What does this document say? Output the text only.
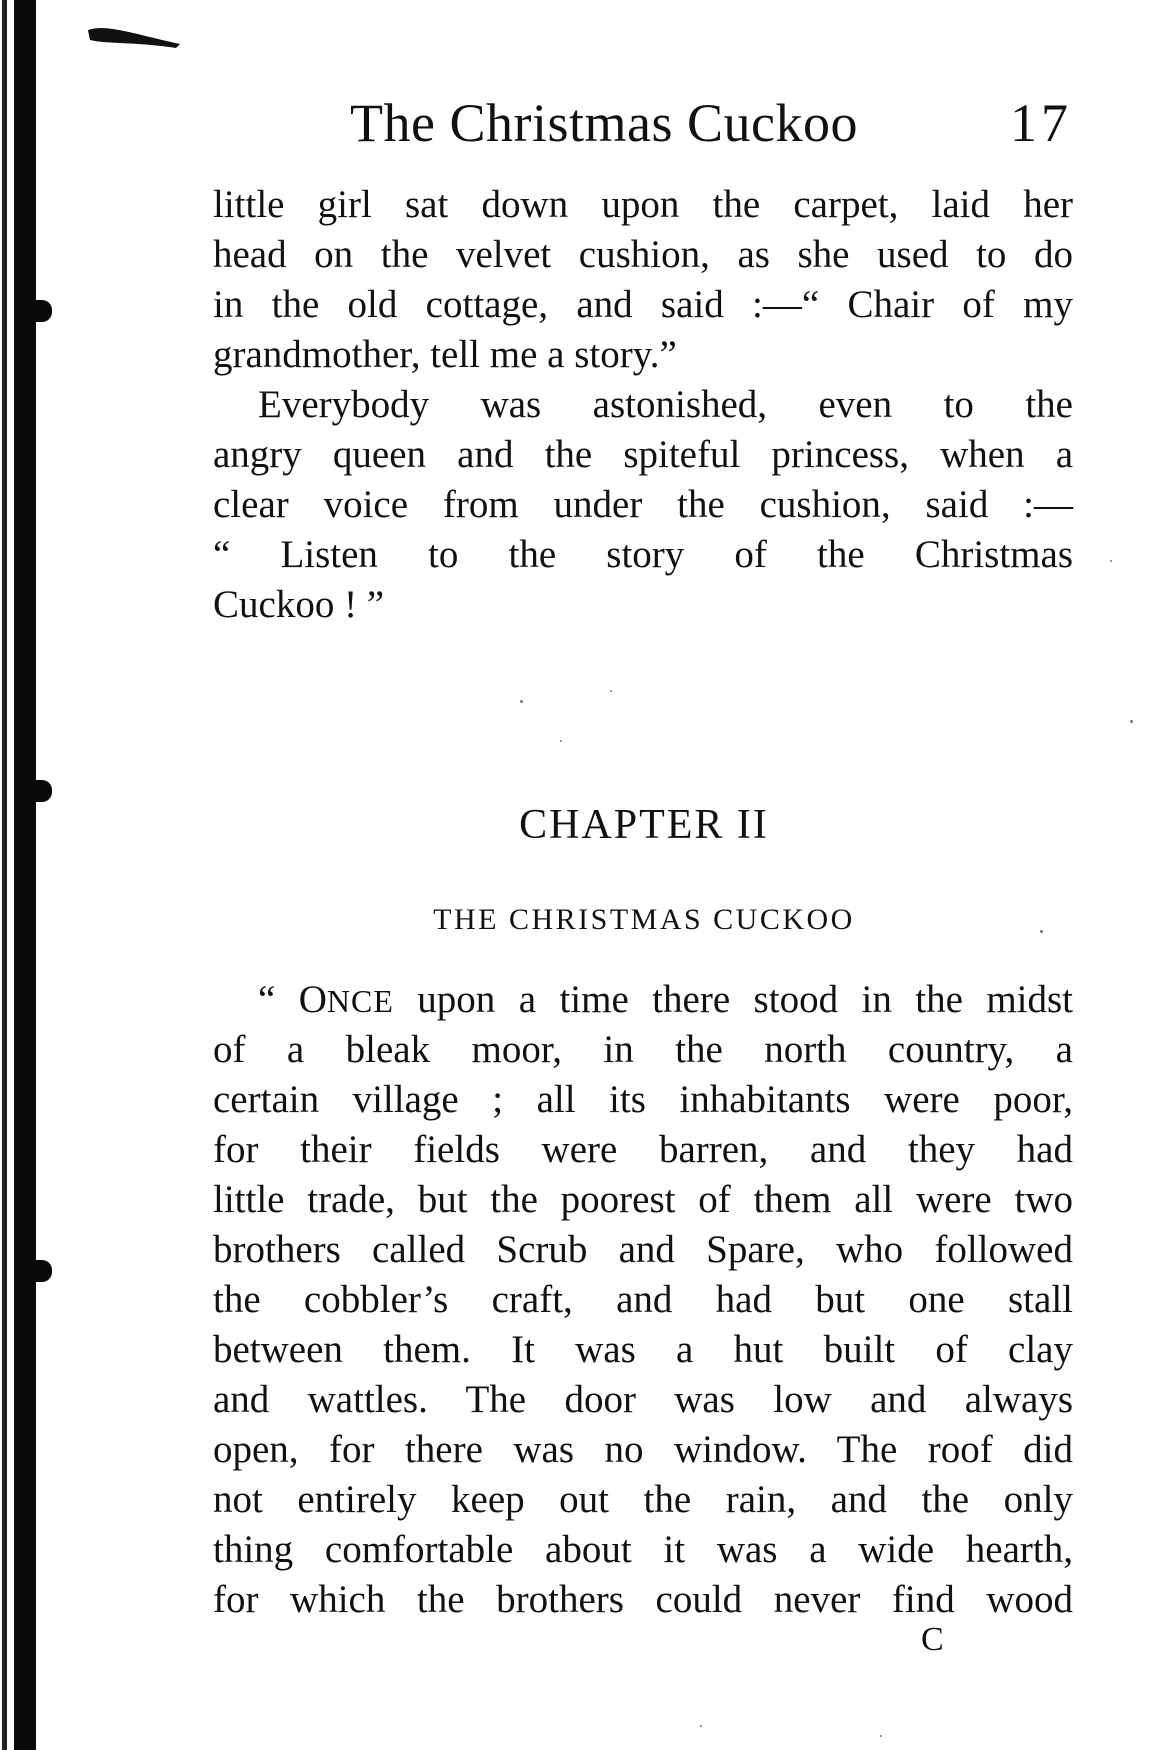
The Christmas Cuckoo	17
little girl sat down upon the carpet, laid her
head on the velvet cushion, as she used to do
in the old cottage, and said :—“ Chair of my
grandmother, tell me a story.”
Everybody was astonished, even to the
angry queen and the spiteful princess, when a
clear voice from under the cushion, said :—
“ Listen to the story of the Christmas
Cuckoo ! ”
CHAPTER II
THE CHRISTMAS CUCKOO
“ ONCE upon a time there stood in the midst
of a bleak moor, in the north country, a
certain village ; all its inhabitants were poor,
for their fields were barren, and they had
little trade, but the poorest of them all were two
brothers called Scrub and Spare, who followed
the cobbler’s craft, and had but one stall
between them. It was a hut built of clay
and wattles. The door was low and always
open, for there was no window. The roof did
not entirely keep out the rain, and the only
thing comfortable about it was a wide hearth,
for which the brothers could never find wood
C
